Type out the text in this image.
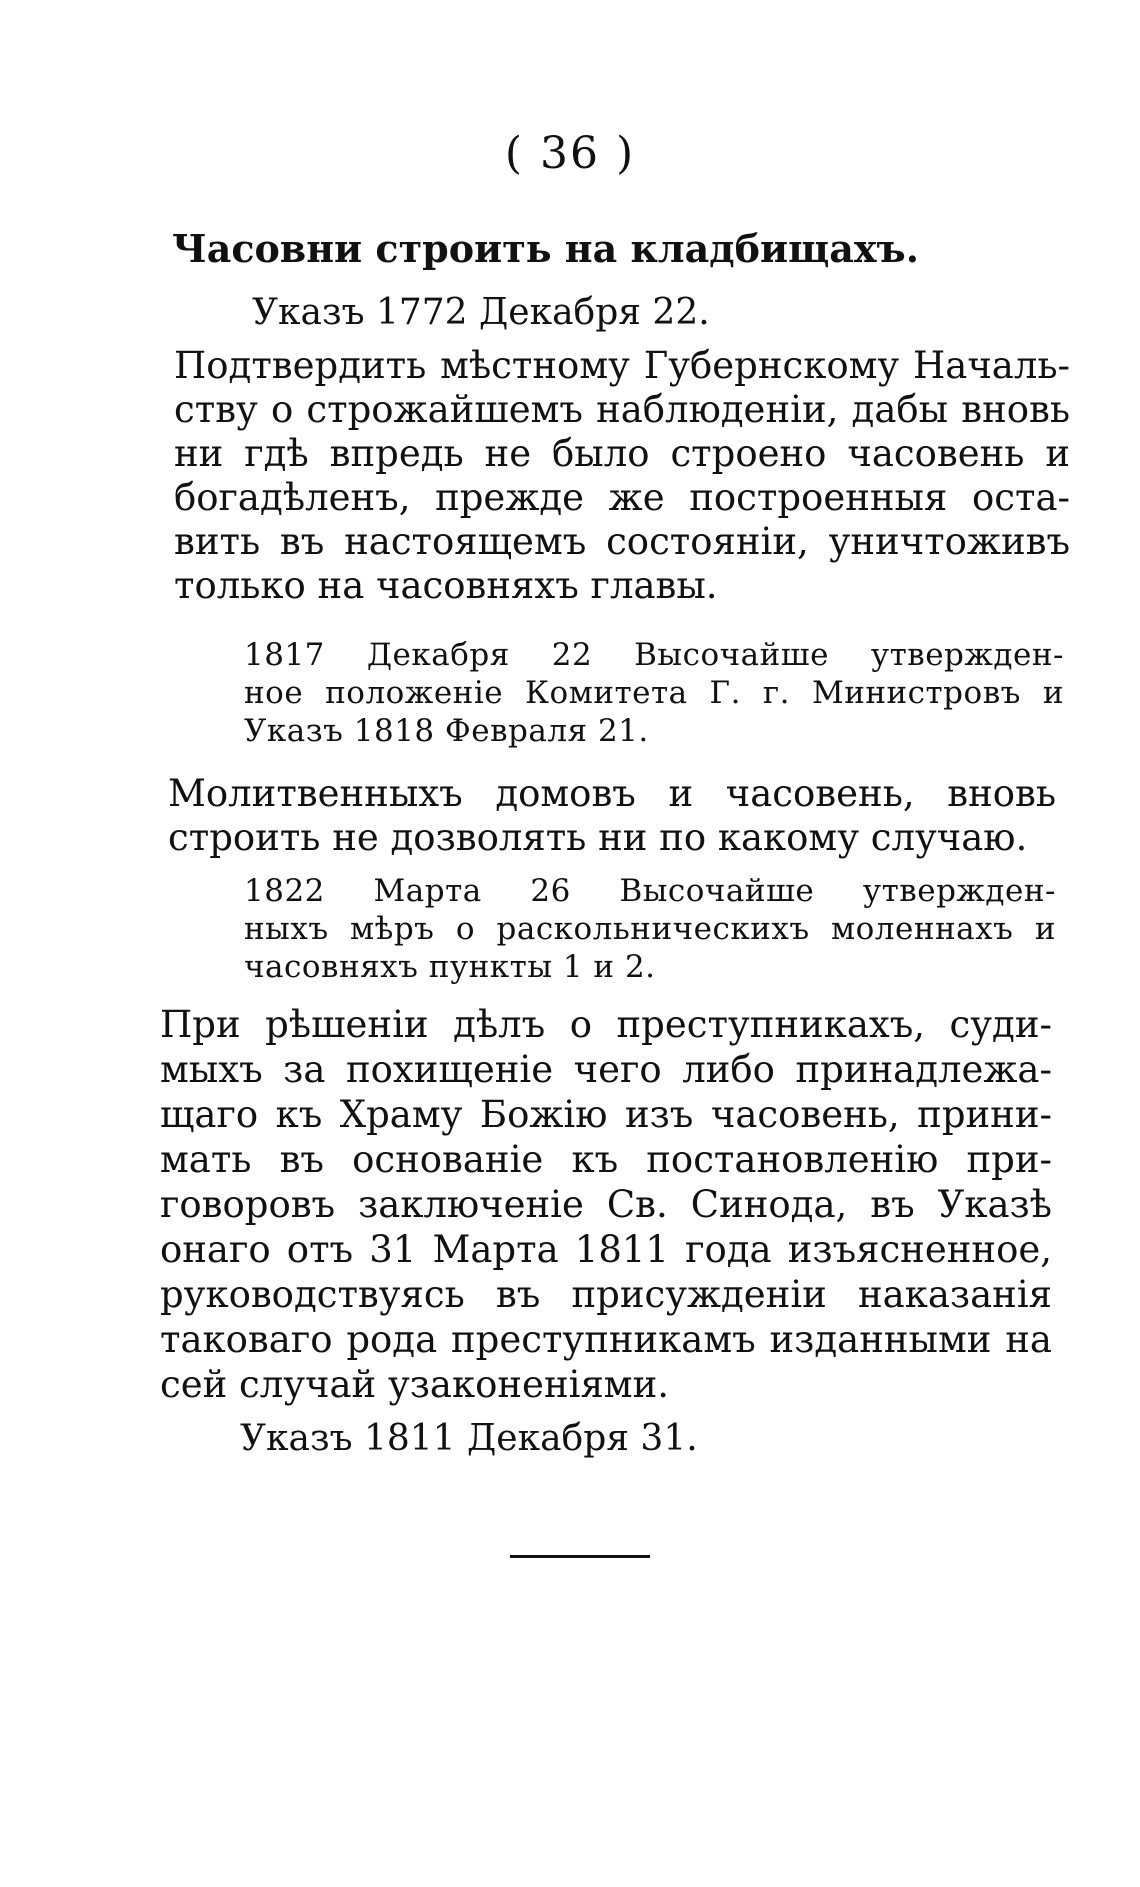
( 36 )
Часовни строить на кладбищахъ.
Указъ 1772 Декабря 22.
Подтвердить мѣстному Губернскому Началь-
ству о строжайшемъ наблюденіи, дабы вновь
ни гдѣ впредь не было строено часовень и
богадѣленъ, прежде же построенныя оста-
вить въ настоящемъ состояніи, уничтоживъ
только на часовняхъ главы.
1817 Декабря 22 Высочайше утвержден-
ное положеніе Комитета Г. г. Министровъ и
Указъ 1818 Февраля 21.
Молитвенныхъ домовъ и часовень, вновь
строить не дозволять ни по какому случаю.
1822 Марта 26 Высочайше утвержден-
ныхъ мѣръ о раскольническихъ моленнахъ и
часовняхъ пункты 1 и 2.
При рѣшеніи дѣлъ о преступникахъ, суди-
мыхъ за похищеніе чего либо принадлежа-
щаго къ Храму Божію изъ часовень, прини-
мать въ основаніе къ постановленію при-
говоровъ заключеніе Св. Синода, въ Указѣ
онаго отъ 31 Марта 1811 года изъясненное,
руководствуясь въ присужденіи наказанія
таковаго рода преступникамъ изданными на
сей случай узаконеніями.
Указъ 1811 Декабря 31.
